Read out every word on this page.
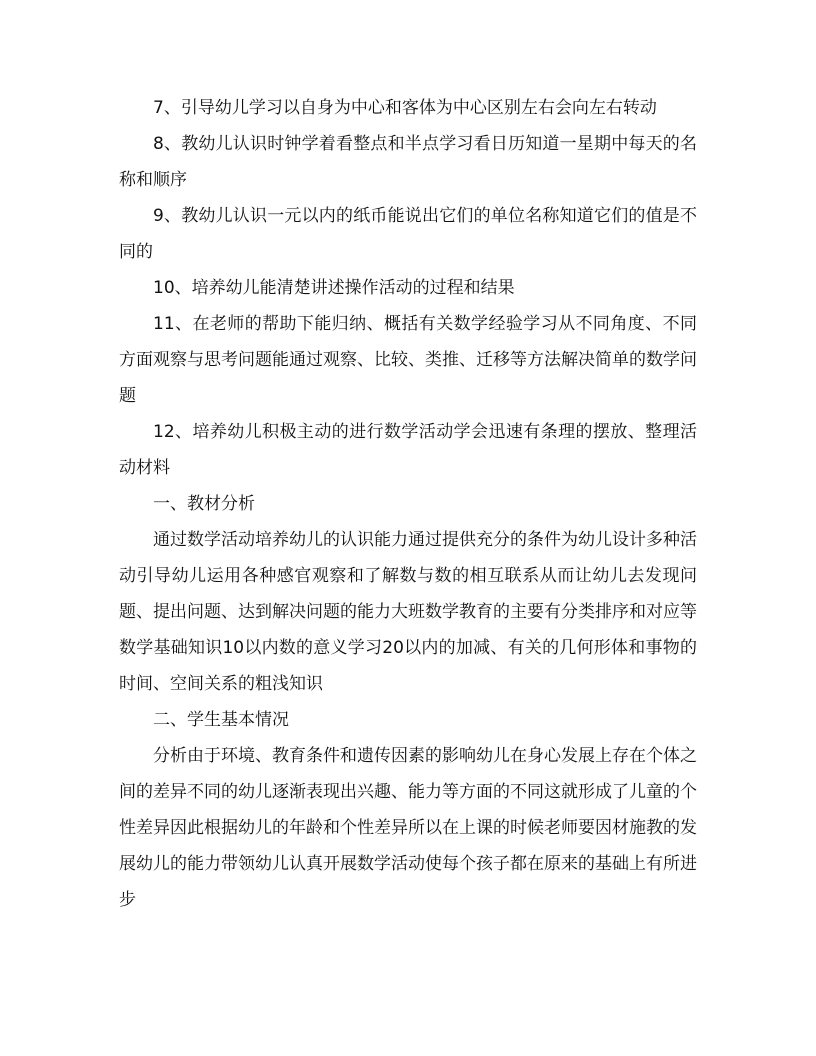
7、引导幼儿学习以自身为中心和客体为中心区别左右会向左右转动

8、教幼儿认识时钟学着看整点和半点学习看日历知道一星期中每天的名称和顺序

9、教幼儿认识一元以内的纸币能说出它们的单位名称知道它们的值是不同的

10、培养幼儿能清楚讲述操作活动的过程和结果

11、在老师的帮助下能归纳、概括有关数学经验学习从不同角度、不同方面观察与思考问题能通过观察、比较、类推、迁移等方法解决简单的数学问题

12、培养幼儿积极主动的进行数学活动学会迅速有条理的摆放、整理活动材料

一、教材分析

通过数学活动培养幼儿的认识能力通过提供充分的条件为幼儿设计多种活动引导幼儿运用各种感官观察和了解数与数的相互联系从而让幼儿去发现问题、提出问题、达到解决问题的能力大班数学教育的主要有分类排序和对应等数学基础知识10以内数的意义学习20以内的加减、有关的几何形体和事物的时间、空间关系的粗浅知识

二、学生基本情况

分析由于环境、教育条件和遗传因素的影响幼儿在身心发展上存在个体之间的差异不同的幼儿逐渐表现出兴趣、能力等方面的不同这就形成了儿童的个性差异因此根据幼儿的年龄和个性差异所以在上课的时候老师要因材施教的发展幼儿的能力带领幼儿认真开展数学活动使每个孩子都在原来的基础上有所进步
